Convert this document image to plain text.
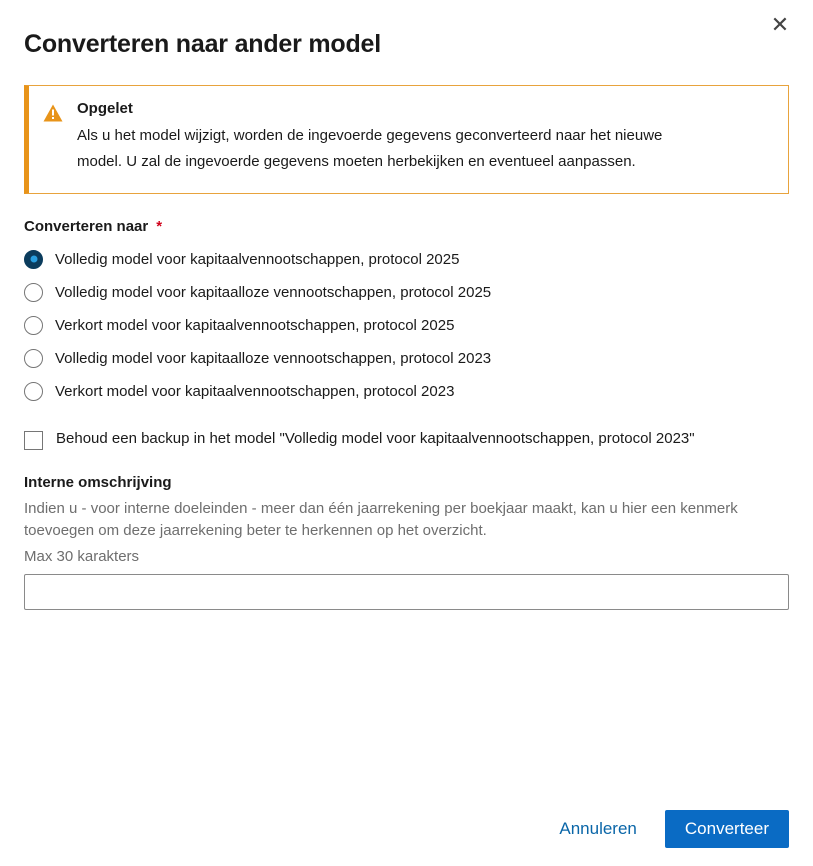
✕
Converteren naar ander model
Opgelet
Als u het model wijzigt, worden de ingevoerde gegevens geconverteerd naar het nieuwe model. U zal de ingevoerde gegevens moeten herbekijken en eventueel aanpassen.
Converteren naar *
Volledig model voor kapitaalvennootschappen, protocol 2025
Volledig model voor kapitaalloze vennootschappen, protocol 2025
Verkort model voor kapitaalvennootschappen, protocol 2025
Volledig model voor kapitaalloze vennootschappen, protocol 2023
Verkort model voor kapitaalvennootschappen, protocol 2023
Behoud een backup in het model "Volledig model voor kapitaalvennootschappen, protocol 2023"
Interne omschrijving
Indien u - voor interne doeleinden - meer dan één jaarrekening per boekjaar maakt, kan u hier een kenmerk toevoegen om deze jaarrekening beter te herkennen op het overzicht.
Max 30 karakters
Annuleren	Converteer
